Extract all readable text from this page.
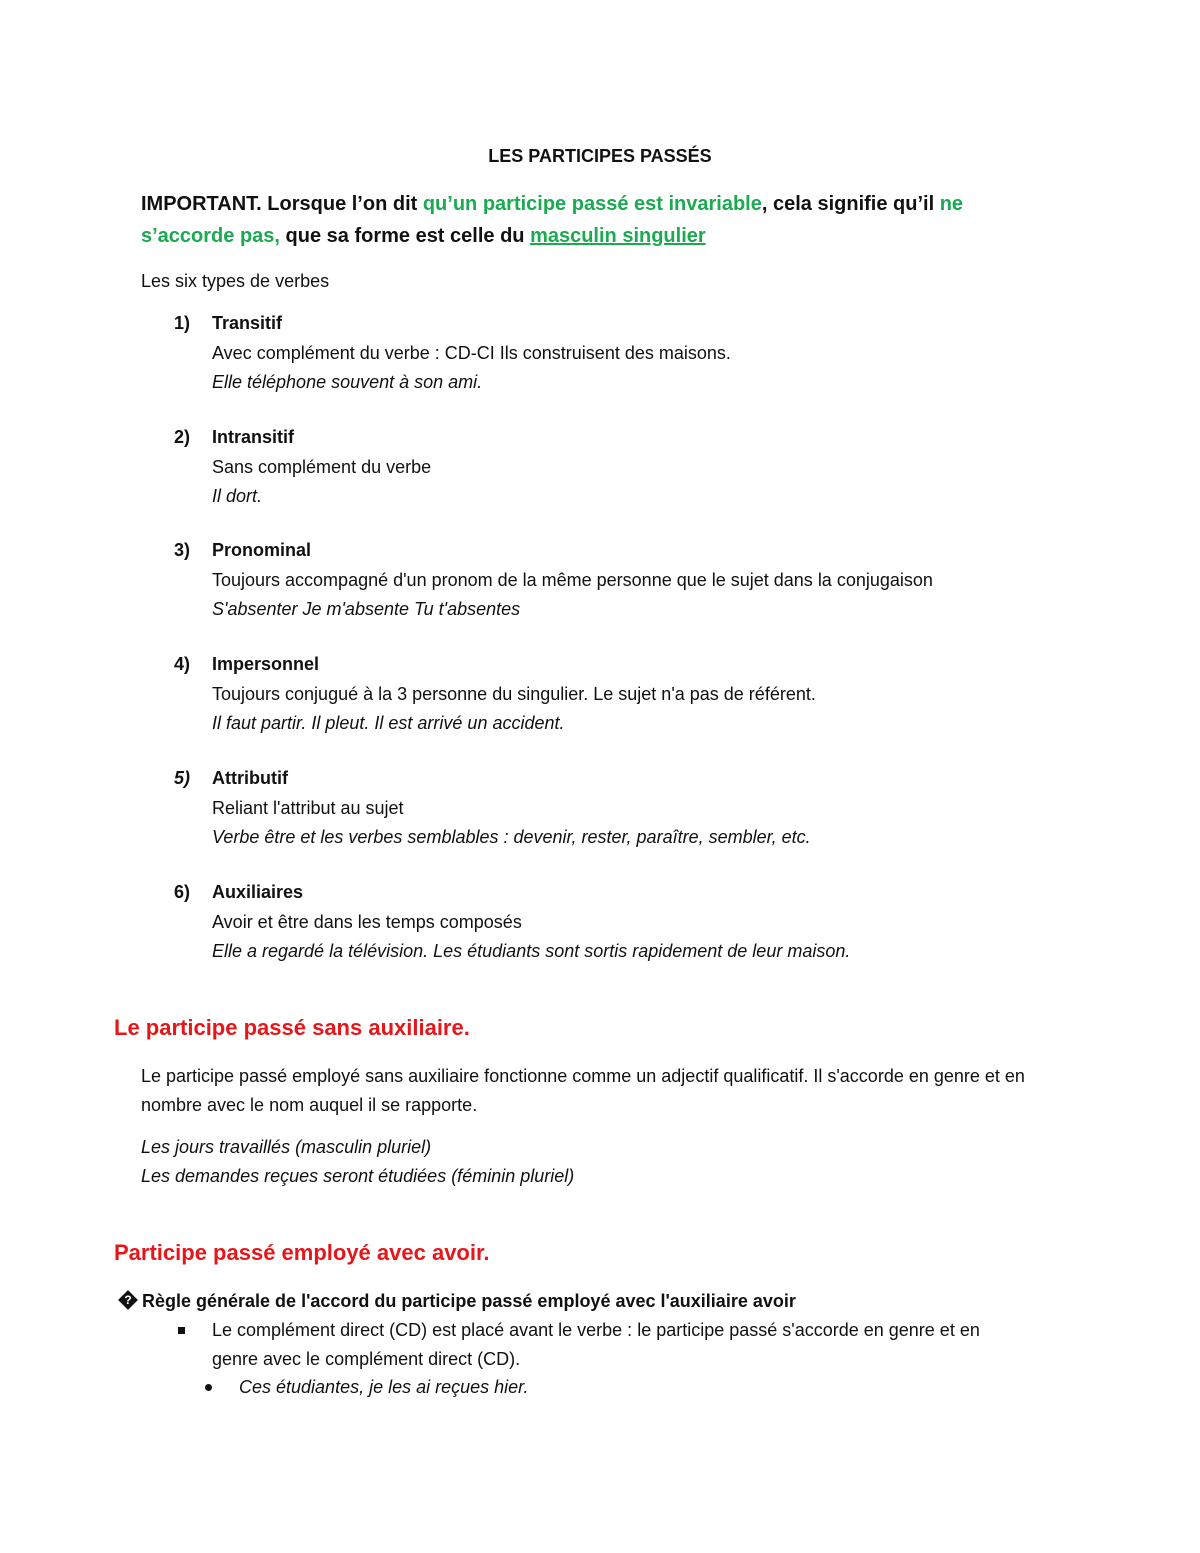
LES PARTICIPES PASSÉS
IMPORTANT. Lorsque l’on dit qu’un participe passé est invariable, cela signifie qu’il ne
s’accorde pas, que sa forme est celle du masculin singulier
Les six types de verbes
1) Transitif
Avec complément du verbe : CD-CI Ils construisent des maisons.
Elle téléphone souvent à son ami.
2) Intransitif
Sans complément du verbe
Il dort.
3) Pronominal
Toujours accompagné d'un pronom de la même personne que le sujet dans la conjugaison
S'absenter Je m'absente Tu t'absentes
4) Impersonnel
Toujours conjugué à la 3 personne du singulier. Le sujet n'a pas de référent.
Il faut partir. Il pleut. Il est arrivé un accident.
5) Attributif
Reliant l'attribut au sujet
Verbe être et les verbes semblables : devenir, rester, paraître, sembler, etc.
6) Auxiliaires
Avoir et être dans les temps composés
Elle a regardé la télévision. Les étudiants sont sortis rapidement de leur maison.
Le participe passé sans auxiliaire.
Le participe passé employé sans auxiliaire fonctionne comme un adjectif qualificatif. Il s'accorde en genre et en nombre avec le nom auquel il se rapporte.
Les jours travaillés (masculin pluriel)
Les demandes reçues seront étudiées (féminin pluriel)
Participe passé employé avec avoir.
? Règle générale de l'accord du participe passé employé avec l'auxiliaire avoir
Le complément direct (CD) est placé avant le verbe : le participe passé s'accorde en genre et en
genre avec le complément direct (CD).
Ces étudiantes, je les ai reçues hier.
